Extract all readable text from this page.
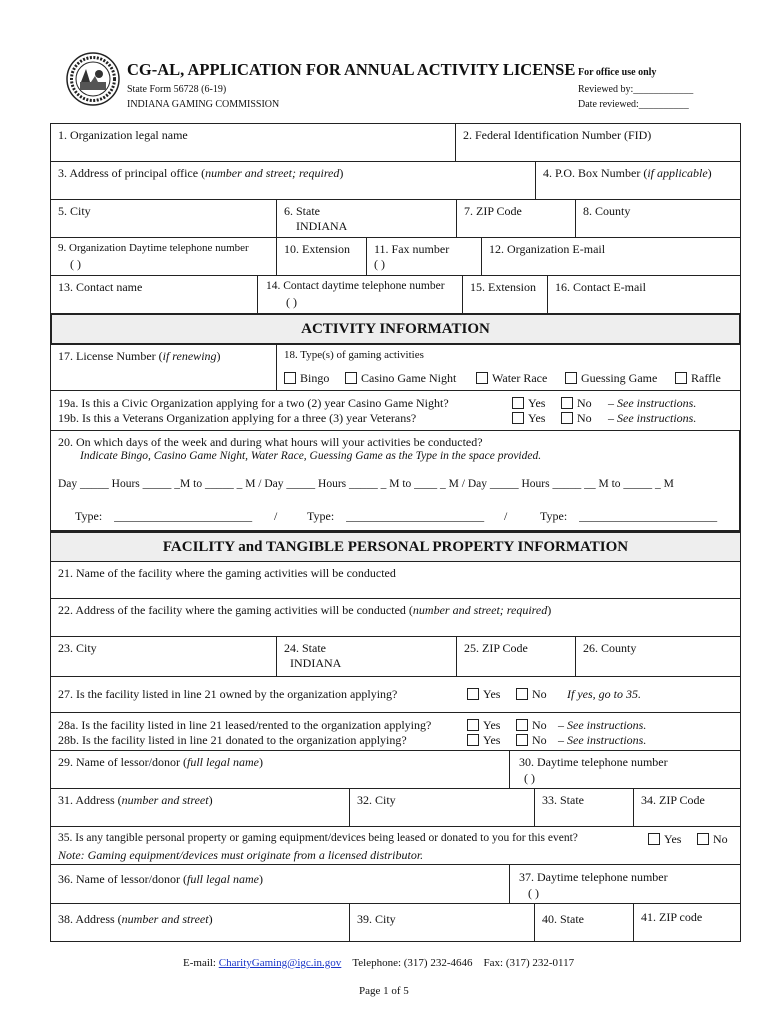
CG-AL, APPLICATION FOR ANNUAL ACTIVITY LICENSE
State Form 56728 (6-19)
INDIANA GAMING COMMISSION
For office use only
Reviewed by:____________
Date reviewed:__________
1. Organization legal name	2. Federal Identification Number (FID)
3. Address of principal office (number and street; required)	4. P.O. Box Number (if applicable)
5. City	6. State
INDIANA
7. ZIP Code	8. County
9. Organization Daytime telephone number
( )
10. Extension 11. Fax number
( )
12. Organization E-mail
13. Contact name	14. Contact daytime telephone number
( )
15. Extension 16. Contact E-mail
ACTIVITY INFORMATION
17. License Number (if renewing)	18. Type(s) of gaming activities
Bingo	Casino Game Night	Water Race	Guessing Game	Raffle
19a. Is this a Civic Organization applying for a two (2) year Casino Game Night?
19b. Is this a Veterans Organization applying for a three (3) year Veterans?
Yes	No – See instructions.
Yes	No – See instructions.
20. On which days of the week and during what hours will your activities be conducted?
Indicate Bingo, Casino Game Night, Water Race, Guessing Game as the Type in the space provided.
Day _____ Hours _____ _M to _____ _ M / Day _____ Hours _____ _ M to ____ _ M / Day _____ Hours _____ __ M to _____ _ M
Type: _______________________ / Type: _______________________ /	Type: _______________________
FACILITY and TANGIBLE PERSONAL PROPERTY INFORMATION
21. Name of the facility where the gaming activities will be conducted
22. Address of the facility where the gaming activities will be conducted (number and street; required)
23. City	24. State
INDIANA
25. ZIP Code	26. County
27. Is the facility listed in line 21 owned by the organization applying?	Yes	No If yes, go to 35.
28a. Is the facility listed in line 21 leased/rented to the organization applying?
28b. Is the facility listed in line 21 donated to the organization applying?
Yes	No – See instructions.
Yes	No – See instructions.
29. Name of lessor/donor (full legal name)	30. Daytime telephone number
( )
31. Address (number and street)	32. City	33. State	34. ZIP Code
35. Is any tangible personal property or gaming equipment/devices being leased or donated to you for this event?
Note: Gaming equipment/devices must originate from a licensed distributor.
Yes	No
36. Name of lessor/donor (full legal name)	37. Daytime telephone number
( )
38. Address (number and street)	39. City	40. State	41. ZIP code
E-mail: CharityGaming@igc.in.gov Telephone: (317) 232-4646 Fax: (317) 232-0117
Page 1 of 5
